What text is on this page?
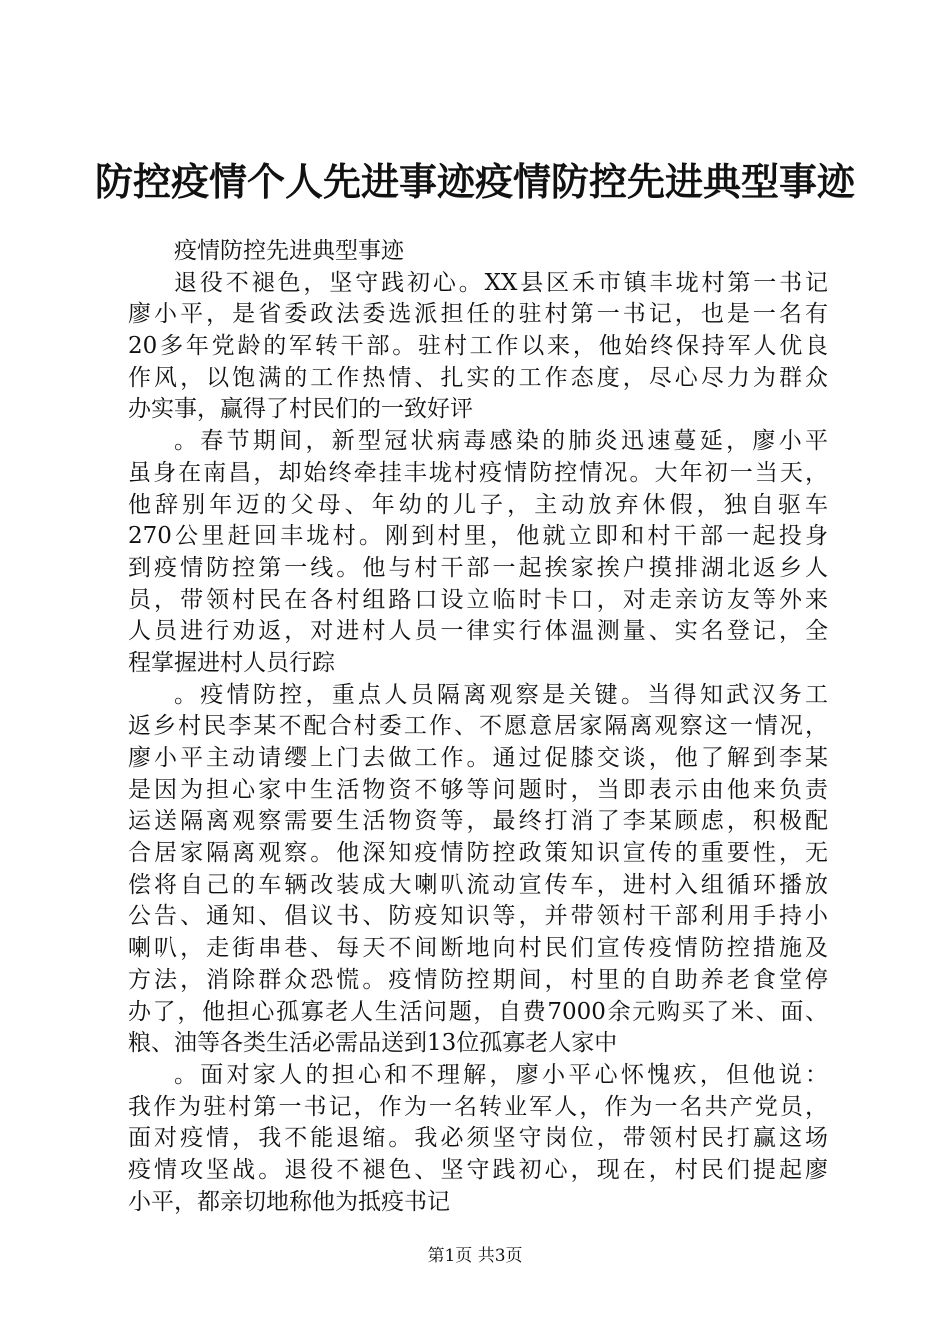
防控疫情个人先进事迹疫情防控先进典型事迹
疫情防控先进典型事迹
退役不褪色，坚守践初心。XX县区禾市镇丰垅村第一书记
廖小平，是省委政法委选派担任的驻村第一书记，也是一名有
20多年党龄的军转干部。驻村工作以来，他始终保持军人优良
作风，以饱满的工作热情、扎实的工作态度，尽心尽力为群众
办实事，赢得了村民们的一致好评
。春节期间，新型冠状病毒感染的肺炎迅速蔓延，廖小平
虽身在南昌，却始终牵挂丰垅村疫情防控情况。大年初一当天，
他辞别年迈的父母、年幼的儿子，主动放弃休假，独自驱车
270公里赶回丰垅村。刚到村里，他就立即和村干部一起投身
到疫情防控第一线。他与村干部一起挨家挨户摸排湖北返乡人
员，带领村民在各村组路口设立临时卡口，对走亲访友等外来
人员进行劝返，对进村人员一律实行体温测量、实名登记，全
程掌握进村人员行踪
。疫情防控，重点人员隔离观察是关键。当得知武汉务工
返乡村民李某不配合村委工作、不愿意居家隔离观察这一情况，
廖小平主动请缨上门去做工作。通过促膝交谈，他了解到李某
是因为担心家中生活物资不够等问题时，当即表示由他来负责
运送隔离观察需要生活物资等，最终打消了李某顾虑，积极配
合居家隔离观察。他深知疫情防控政策知识宣传的重要性，无
偿将自己的车辆改装成大喇叭流动宣传车，进村入组循环播放
公告、通知、倡议书、防疫知识等，并带领村干部利用手持小
喇叭，走街串巷、每天不间断地向村民们宣传疫情防控措施及
方法，消除群众恐慌。疫情防控期间，村里的自助养老食堂停
办了，他担心孤寡老人生活问题，自费7000余元购买了米、面、
粮、油等各类生活必需品送到13位孤寡老人家中
。面对家人的担心和不理解，廖小平心怀愧疚，但他说：
我作为驻村第一书记，作为一名转业军人，作为一名共产党员，
面对疫情，我不能退缩。我必须坚守岗位，带领村民打赢这场
疫情攻坚战。退役不褪色、坚守践初心，现在，村民们提起廖
小平，都亲切地称他为抵疫书记
第1页 共3页
